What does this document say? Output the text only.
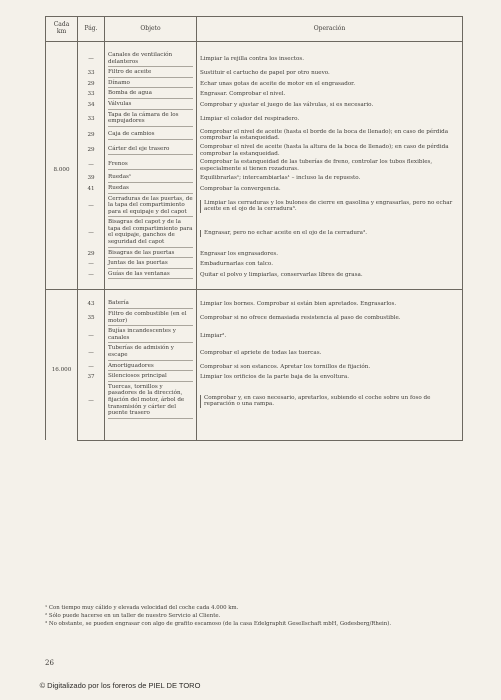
Cada
km	Pág.	Objeto	Operación

8.000	—	Canales de ventilación delanteros	Limpiar la rejilla contra los insectos.
	33	Filtro de aceite	Sustituir el cartucho de papel por otro nuevo.
	29	Dínamo	Echar unas gotas de aceite de motor en el engrasador.
	33	Bomba de agua	Engrasar. Comprobar el nivel.
	34	Válvulas	Comprobar y ajustar el juego de las válvulas, si es necesario.
	33	Tapa de la cámara de los empujadores	Limpiar el colador del respiradero.
	29	Caja de cambios	Comprobar el nivel de aceite (hasta el borde de la boca de llenado); en caso de pérdida comprobar la estanqueidad.
	29	Cárter del eje trasero	Comprobar el nivel de aceite (hasta la altura de la boca de llenado); en caso de pérdida comprobar la estanqueidad.
	—	Frenos	Comprobar la estanqueidad de las tuberías de freno, controlar los tubos flexibles, especialmente si tienen rozaduras.
	39	Ruedas¹	Equilibrarlas¹; intercambiarlas¹ – incluso la de repuesto.
	41	Ruedas	Comprobar la convergencia.
	—	Cerraduras de las puertas, de la tapa del compartimiento para el equipaje y del capot	Limpiar las cerraduras y los bulones de cierre en gasolina y engrasarlas, pero no echar aceite en el ojo de la cerradura³.

	—	Bisagras del capot y de la tapa del compartimiento para el equipaje, ganchos de seguridad del capot	Engrasar, pero no echar aceite en el ojo de la cerradura³.

	29	Bisagras de las puertas	Engrasar los engrasadores.
	—	Juntas de las puertas	Embadurnarlas con talco.
	—	Guías de las ventanas	Quitar el polvo y limpiarlas, conservarlas libres de grasa.

16.000	43	Batería	Limpiar los bornes. Comprobar si están bien apretados. Engrasarlos.
	35	Filtro de combustible (en el motor)	Comprobar si no ofrece demasiada resistencia al paso de combustible.
	—	Bujías incandescentes y canales	Limpiar².
	—	Tuberías de admisión y escape	Comprobar el apriete de todas las tuercas.
	—	Amortiguadores	Comprobar si son estancos. Apretar los tornillos de fijación.
	37	Silenciosos principal	Limpiar los orificios de la parte baja de la envoltura.
	—	Tuercas, tornillos y pasadores de la dirección, fijación del motor, árbol de transmisión y cárter del puente trasero	Comprobar y, en caso necesario, apretarlos, subiendo el coche sobre un foso de reparación o una rampa.

¹ Con tiempo muy cálido y elevada velocidad del coche cada 4.000 km.

² Sólo puede hacerse en un taller de nuestro Servicio al Cliente.

³ No obstante, se pueden engrasar con algo de grafito escamoso (de la casa Edelgraphit Gesellschaft mbH, Godesberg/Rhein).

26
© Digitalizado por los foreros de PIEL DE TORO
